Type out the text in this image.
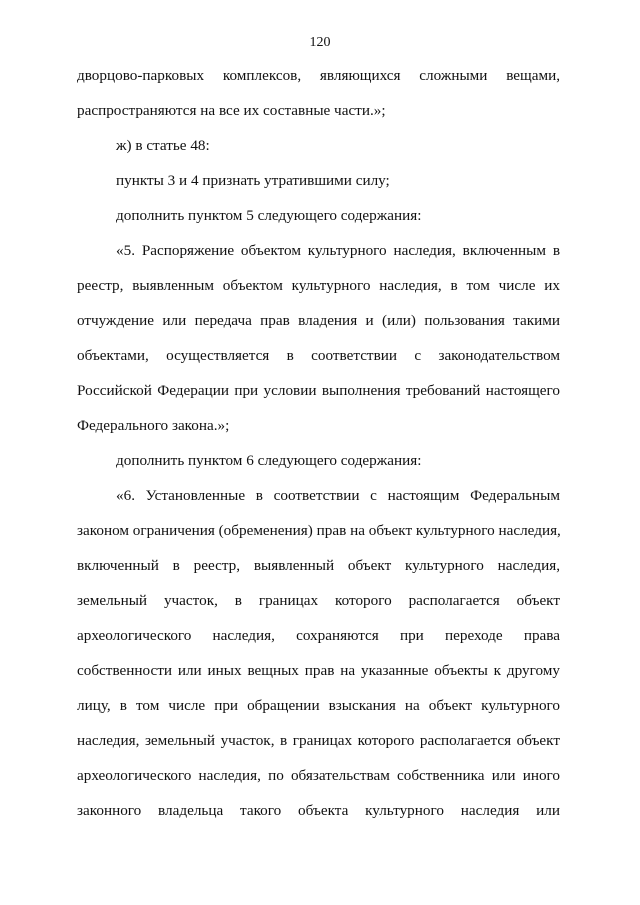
120
дворцово-парковых комплексов, являющихся сложными вещами,
распространяются на все их составные части.»;
ж) в статье 48:
пункты 3 и 4 признать утратившими силу;
дополнить пунктом 5 следующего содержания:
«5. Распоряжение объектом культурного наследия, включенным в
реестр, выявленным объектом культурного наследия, в том числе их
отчуждение или передача прав владения и (или) пользования такими
объектами, осуществляется в соответствии с законодательством
Российской Федерации при условии выполнения требований настоящего
Федерального закона.»;
дополнить пунктом 6 следующего содержания:
«6. Установленные в соответствии с настоящим Федеральным
законом ограничения (обременения) прав на объект культурного наследия,
включенный в реестр, выявленный объект культурного наследия,
земельный участок, в границах которого располагается объект
археологического наследия, сохраняются при переходе права
собственности или иных вещных прав на указанные объекты к другому
лицу, в том числе при обращении взыскания на объект культурного
наследия, земельный участок, в границах которого располагается объект
археологического наследия, по обязательствам собственника или иного
законного владельца такого объекта культурного наследия или
